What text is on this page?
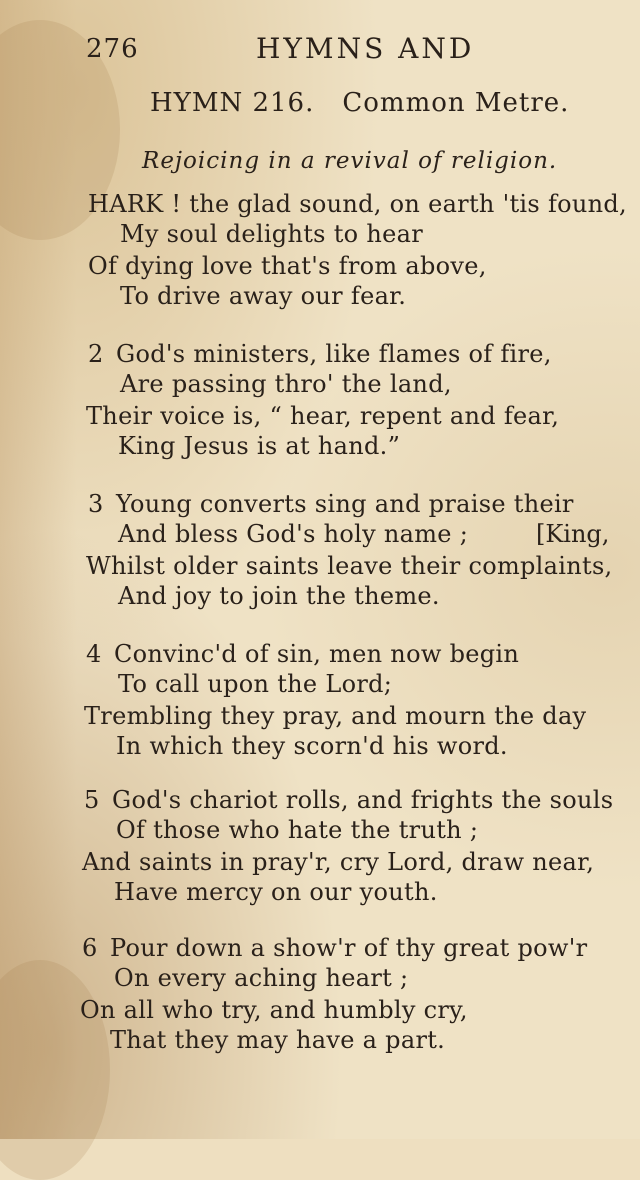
276	HYMNS AND
HYMN 216. Common Metre.
Rejoicing in a revival of religion.
HARK ! the glad sound, on earth 'tis found,
My soul delights to hear
Of dying love that's from above,
To drive away our fear.
2 God's ministers, like flames of fire,
Are passing thro' the land,
Their voice is, “ hear, repent and fear,
King Jesus is at hand.”
3 Young converts sing and praise their
And bless God's holy name ;	[King,
Whilst older saints leave their complaints,
And joy to join the theme.
4 Convinc'd of sin, men now begin
To call upon the Lord;
Trembling they pray, and mourn the day
In which they scorn'd his word.
5 God's chariot rolls, and frights the souls
Of those who hate the truth ;
And saints in pray'r, cry Lord, draw near,
Have mercy on our youth.
6 Pour down a show'r of thy great pow'r
On every aching heart ;
On all who try, and humbly cry,
That they may have a part.
